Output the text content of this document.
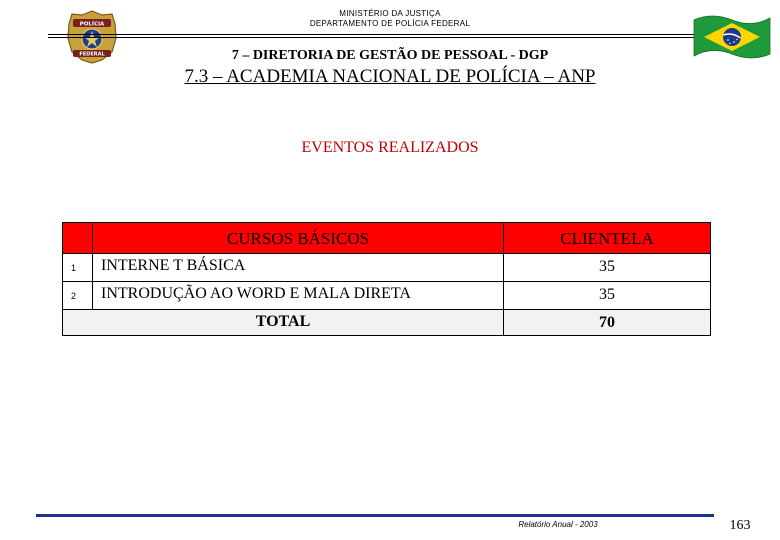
POLÍCIA
FEDERAL
MINISTÉRIO DA JUSTIÇA
DEPARTAMENTO DE POLÍCIA FEDERAL
7 – DIRETORIA DE GESTÃO DE PESSOAL - DGP
7.3 – ACADEMIA NACIONAL DE POLÍCIA – ANP
EVENTOS REALIZADOS
CURSOS BÁSICOS	CLIENTELA
1	INTERNE T BÁSICA	35
2	INTRODUÇÃO AO WORD E MALA DIRETA	35
TOTAL	70
Relatório Anual - 2003	163
